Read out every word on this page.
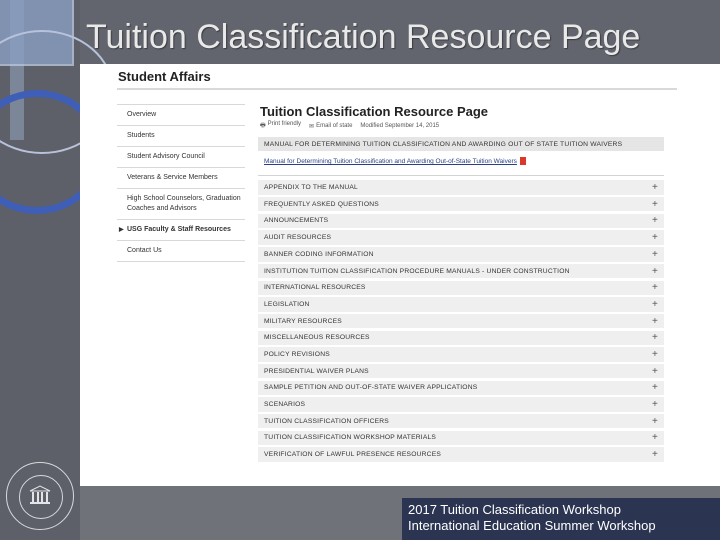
Tuition Classification Resource Page
Student Affairs
Overview
Students
Student Advisory Council
Veterans & Service Members
High School Counselors, Graduation Coaches and Advisors
▶ USG Faculty & Staff Resources
Contact Us
Tuition Classification Resource Page
🖶 Print friendly ✉ Email of state Modified September 14, 2015
MANUAL FOR DETERMINING TUITION CLASSIFICATION AND AWARDING OUT OF STATE TUITION WAIVERS
Manual for Determining Tuition Classification and Awarding Out-of-State Tuition Waivers
APPENDIX TO THE MANUAL	+
FREQUENTLY ASKED QUESTIONS	+
ANNOUNCEMENTS	+
AUDIT RESOURCES	+
BANNER CODING INFORMATION	+
INSTITUTION TUITION CLASSIFICATION PROCEDURE MANUALS - UNDER CONSTRUCTION	+
INTERNATIONAL RESOURCES	+
LEGISLATION	+
MILITARY RESOURCES	+
MISCELLANEOUS RESOURCES	+
POLICY REVISIONS	+
PRESIDENTIAL WAIVER PLANS	+
SAMPLE PETITION AND OUT-OF-STATE WAIVER APPLICATIONS	+
SCENARIOS	+
TUITION CLASSIFICATION OFFICERS	+
TUITION CLASSIFICATION WORKSHOP MATERIALS	+
VERIFICATION OF LAWFUL PRESENCE RESOURCES	+
2017 Tuition Classification Workshop
International Education Summer Workshop
